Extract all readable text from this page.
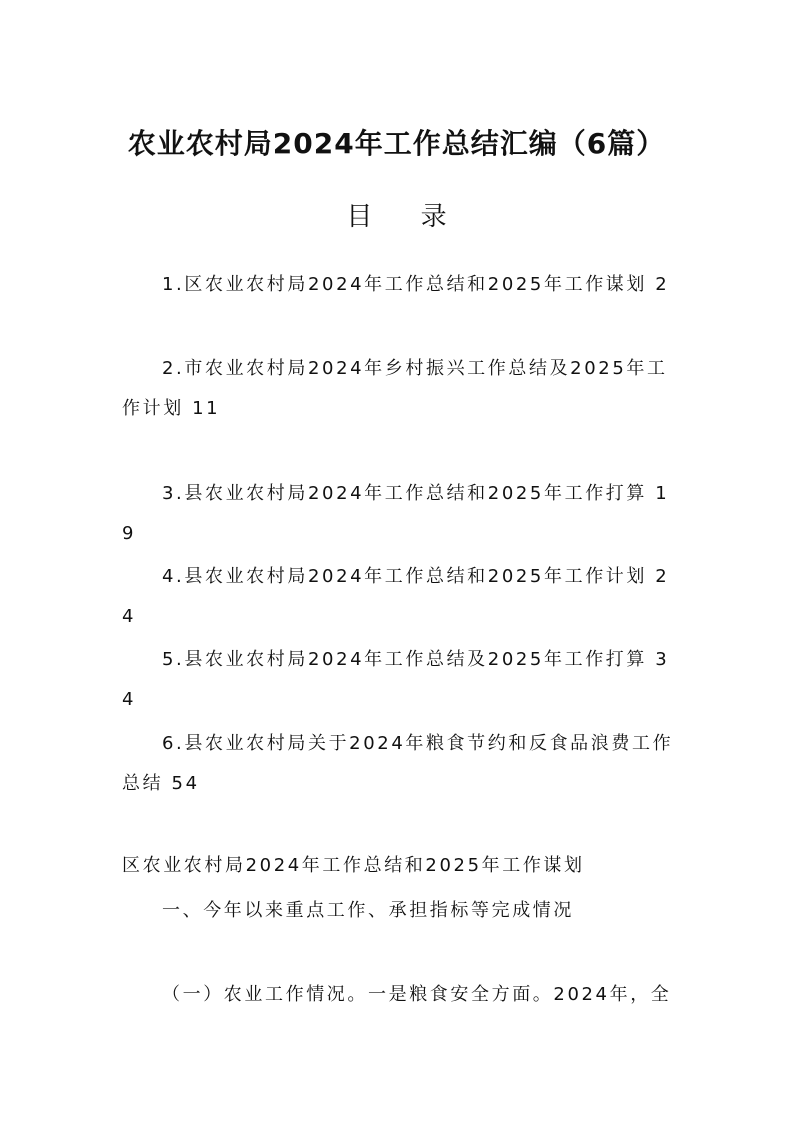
农业农村局2024年工作总结汇编（6篇）
目 录
1.区农业农村局2024年工作总结和2025年工作谋划 2
2.市农业农村局2024年乡村振兴工作总结及2025年工作计划 11
3.县农业农村局2024年工作总结和2025年工作打算 19
4.县农业农村局2024年工作总结和2025年工作计划 24
5.县农业农村局2024年工作总结及2025年工作打算 34
6.县农业农村局关于2024年粮食节约和反食品浪费工作总结 54
区农业农村局2024年工作总结和2025年工作谋划
一、今年以来重点工作、承担指标等完成情况
（一）农业工作情况。一是粮食安全方面。2024年，全
